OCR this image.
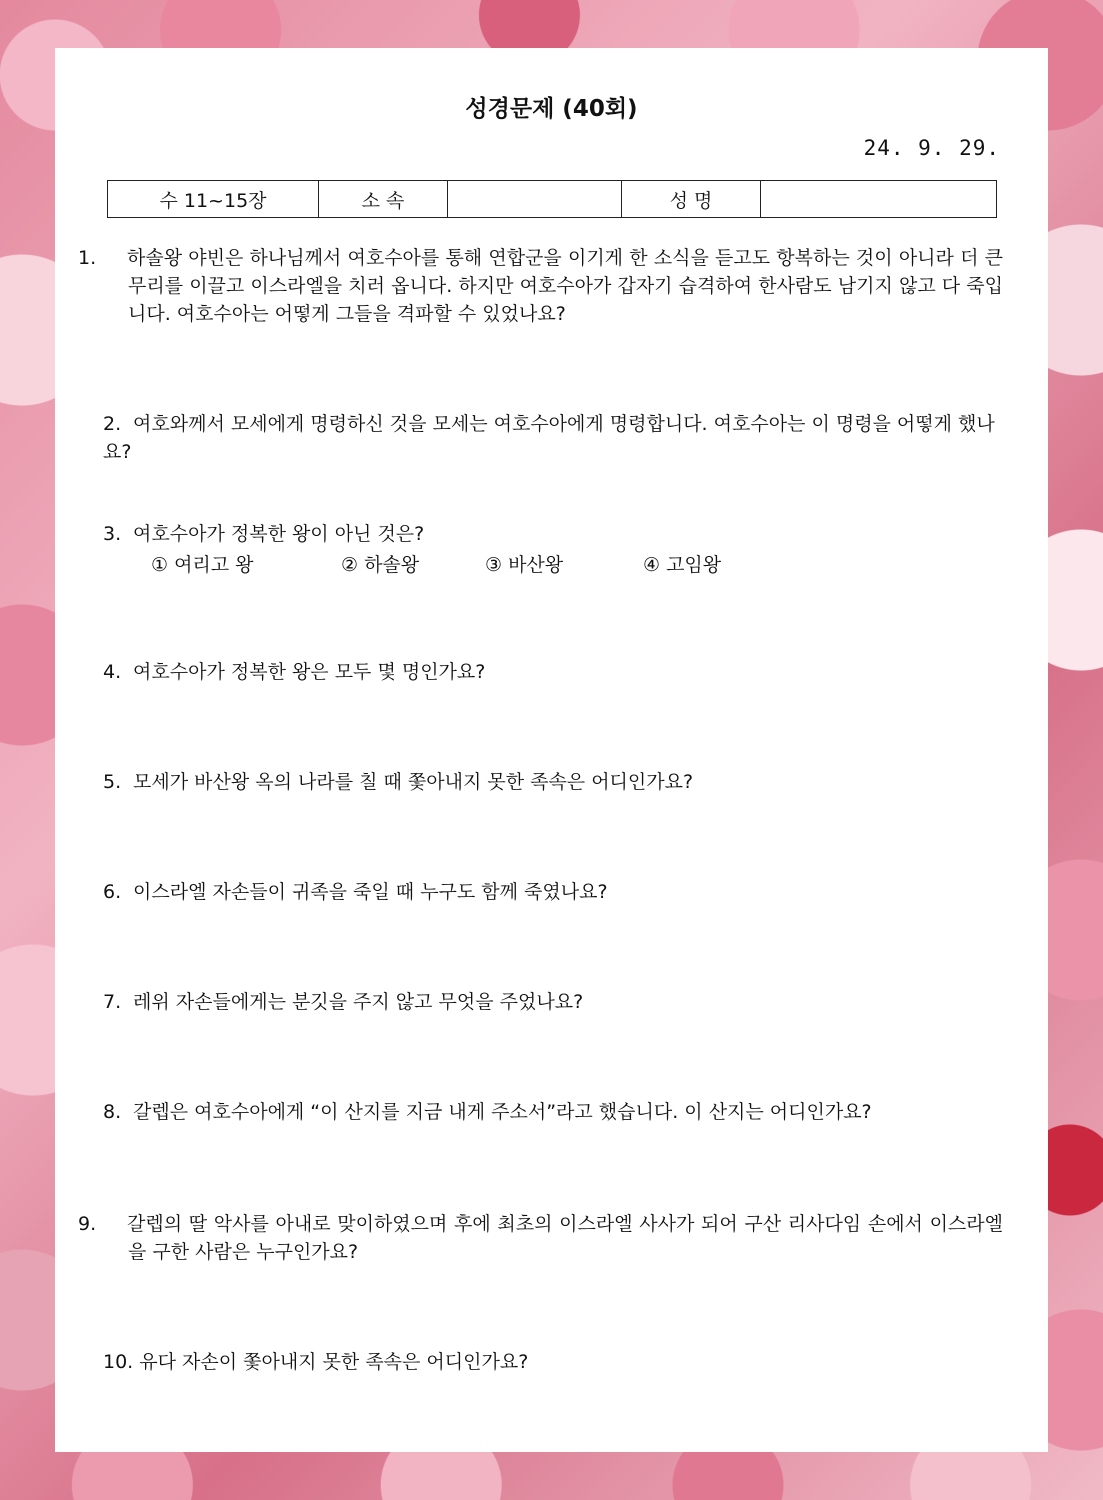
성경문제 (40회)
24. 9. 29.
수 11~15장	소 속		성 명	
1. 하솔왕 야빈은 하나님께서 여호수아를 통해 연합군을 이기게 한 소식을 듣고도 항복하는 것이 아니라 더 큰 무리를 이끌고 이스라엘을 치러 옵니다. 하지만 여호수아가 갑자기 습격하여 한사람도 남기지 않고 다 죽입니다. 여호수아는 어떻게 그들을 격파할 수 있었나요?
2. 여호와께서 모세에게 명령하신 것을 모세는 여호수아에게 명령합니다. 여호수아는 이 명령을 어떻게 했나요?
3. 여호수아가 정복한 왕이 아닌 것은?
① 여리고 왕	② 하솔왕	③ 바산왕	④ 고임왕
4. 여호수아가 정복한 왕은 모두 몇 명인가요?
5. 모세가 바산왕 옥의 나라를 칠 때 쫓아내지 못한 족속은 어디인가요?
6. 이스라엘 자손들이 귀족을 죽일 때 누구도 함께 죽였나요?
7. 레위 자손들에게는 분깃을 주지 않고 무엇을 주었나요?
8. 갈렙은 여호수아에게 “이 산지를 지금 내게 주소서”라고 했습니다. 이 산지는 어디인가요?
9. 갈렙의 딸 악사를 아내로 맞이하였으며 후에 최초의 이스라엘 사사가 되어 구산 리사다임 손에서 이스라엘을 구한 사람은 누구인가요?
10. 유다 자손이 쫓아내지 못한 족속은 어디인가요?
